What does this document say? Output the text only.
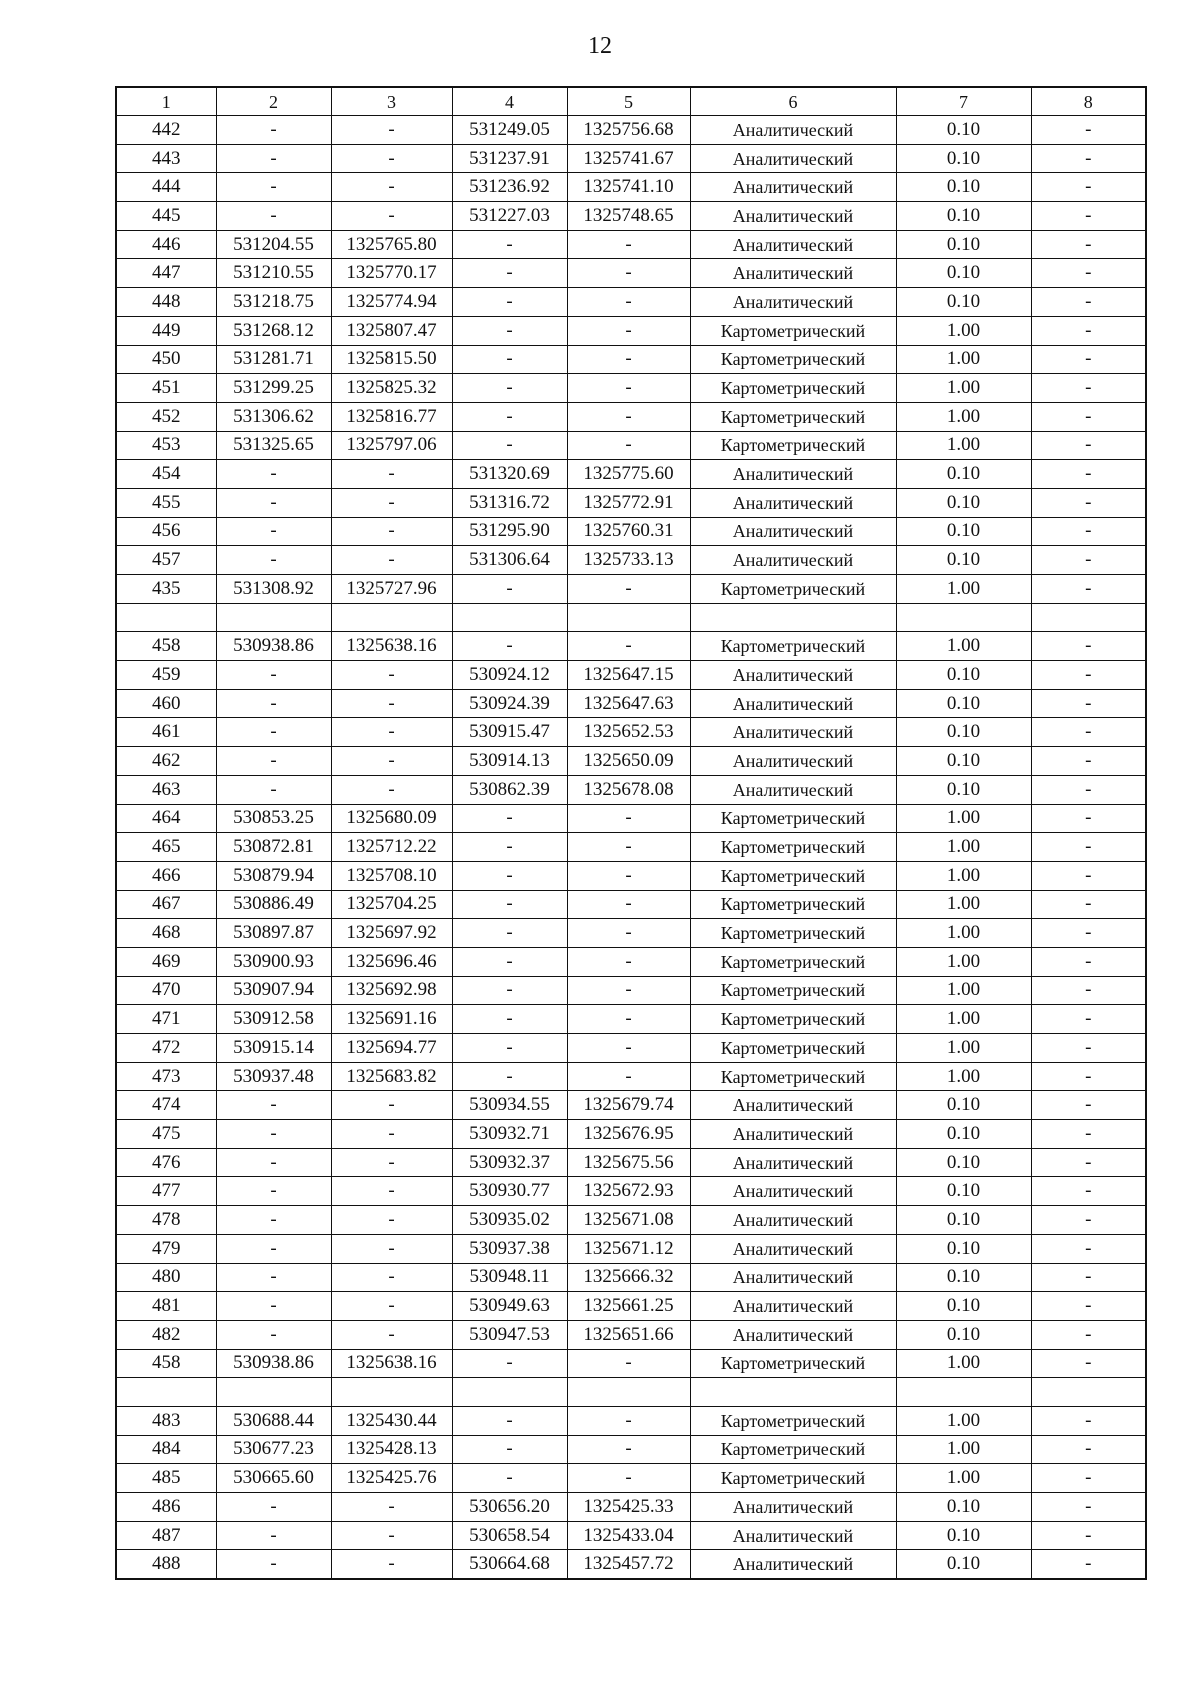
12
1	2	3	4	5	6	7	8
442	-	-	531249.05	1325756.68	Аналитический	0.10	-
443	-	-	531237.91	1325741.67	Аналитический	0.10	-
444	-	-	531236.92	1325741.10	Аналитический	0.10	-
445	-	-	531227.03	1325748.65	Аналитический	0.10	-
446	531204.55	1325765.80	-	-	Аналитический	0.10	-
447	531210.55	1325770.17	-	-	Аналитический	0.10	-
448	531218.75	1325774.94	-	-	Аналитический	0.10	-
449	531268.12	1325807.47	-	-	Картометрический	1.00	-
450	531281.71	1325815.50	-	-	Картометрический	1.00	-
451	531299.25	1325825.32	-	-	Картометрический	1.00	-
452	531306.62	1325816.77	-	-	Картометрический	1.00	-
453	531325.65	1325797.06	-	-	Картометрический	1.00	-
454	-	-	531320.69	1325775.60	Аналитический	0.10	-
455	-	-	531316.72	1325772.91	Аналитический	0.10	-
456	-	-	531295.90	1325760.31	Аналитический	0.10	-
457	-	-	531306.64	1325733.13	Аналитический	0.10	-
435	531308.92	1325727.96	-	-	Картометрический	1.00	-

458	530938.86	1325638.16	-	-	Картометрический	1.00	-
459	-	-	530924.12	1325647.15	Аналитический	0.10	-
460	-	-	530924.39	1325647.63	Аналитический	0.10	-
461	-	-	530915.47	1325652.53	Аналитический	0.10	-
462	-	-	530914.13	1325650.09	Аналитический	0.10	-
463	-	-	530862.39	1325678.08	Аналитический	0.10	-
464	530853.25	1325680.09	-	-	Картометрический	1.00	-
465	530872.81	1325712.22	-	-	Картометрический	1.00	-
466	530879.94	1325708.10	-	-	Картометрический	1.00	-
467	530886.49	1325704.25	-	-	Картометрический	1.00	-
468	530897.87	1325697.92	-	-	Картометрический	1.00	-
469	530900.93	1325696.46	-	-	Картометрический	1.00	-
470	530907.94	1325692.98	-	-	Картометрический	1.00	-
471	530912.58	1325691.16	-	-	Картометрический	1.00	-
472	530915.14	1325694.77	-	-	Картометрический	1.00	-
473	530937.48	1325683.82	-	-	Картометрический	1.00	-
474	-	-	530934.55	1325679.74	Аналитический	0.10	-
475	-	-	530932.71	1325676.95	Аналитический	0.10	-
476	-	-	530932.37	1325675.56	Аналитический	0.10	-
477	-	-	530930.77	1325672.93	Аналитический	0.10	-
478	-	-	530935.02	1325671.08	Аналитический	0.10	-
479	-	-	530937.38	1325671.12	Аналитический	0.10	-
480	-	-	530948.11	1325666.32	Аналитический	0.10	-
481	-	-	530949.63	1325661.25	Аналитический	0.10	-
482	-	-	530947.53	1325651.66	Аналитический	0.10	-
458	530938.86	1325638.16	-	-	Картометрический	1.00	-

483	530688.44	1325430.44	-	-	Картометрический	1.00	-
484	530677.23	1325428.13	-	-	Картометрический	1.00	-
485	530665.60	1325425.76	-	-	Картометрический	1.00	-
486	-	-	530656.20	1325425.33	Аналитический	0.10	-
487	-	-	530658.54	1325433.04	Аналитический	0.10	-
488	-	-	530664.68	1325457.72	Аналитический	0.10	-
